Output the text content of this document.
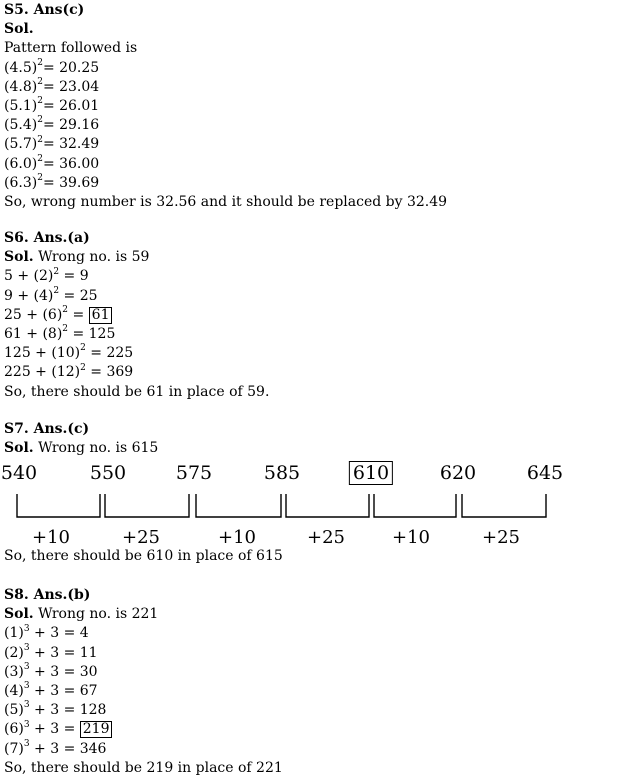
S5. Ans(c)
Sol.
Pattern followed is
$(4.5)^2= 20.25$
$(4.8)^2= 23.04$
$(5.1)^2= 26.01$
$(5.4)^2= 29.16$
$(5.7)^2= 32.49$
$(6.0)^2= 36.00$
$(6.3)^2= 39.69$
So, wrong number is 32.56 and it should be replaced by 32.49
S6. Ans.(a)
Sol. Wrong no. is 59
$5 + (2)^2 = 9$
$9 + (4)^2 = 25$
$25 + (6)^2 = 61$
$61 + (8)^2 = 125$
$125 + (10)^2 = 225$
$225 + (12)^2 = 369$
So, there should be 61 in place of 59.
S7. Ans.(c)
Sol. Wrong no. is 615
540	550	575	585	610	620	645
+10	+25	+10	+25	+10	+25
So, there should be 610 in place of 615
S8. Ans.(b)
Sol. Wrong no. is 221
$(1)^3 + 3 = 4$
$(2)^3 + 3 = 11$
$(3)^3 + 3 = 30$
$(4)^3 + 3 = 67$
$(5)^3 + 3 = 128$
$(6)^3 + 3 = 219$
$(7)^3 + 3 = 346$
So, there should be 219 in place of 221
